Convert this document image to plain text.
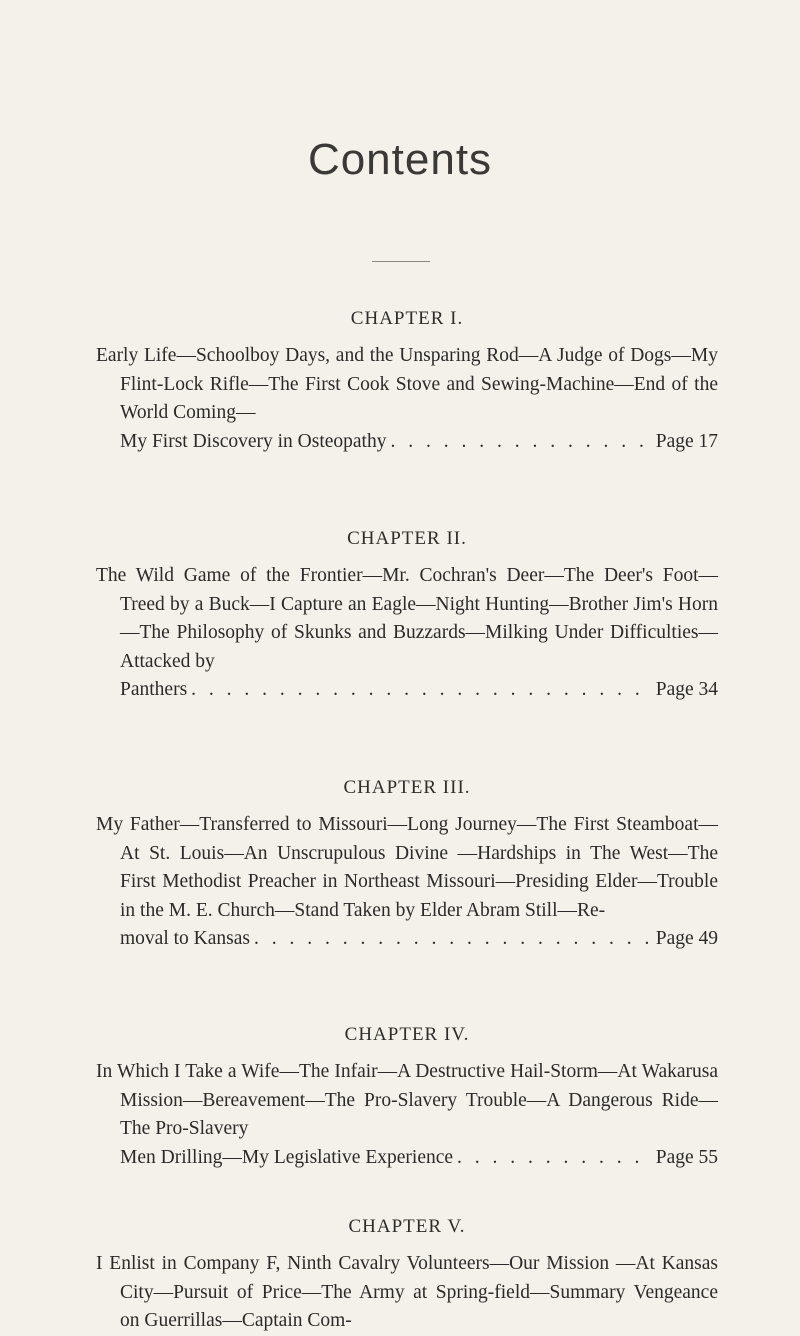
Contents

CHAPTER I.

Early Life—Schoolboy Days, and the Unsparing Rod—A Judge of Dogs—My Flint-Lock Rifle—The First Cook Stove and Sewing-Machine—End of the World Coming—
My First Discovery in Osteopathy . . .	Page 17

CHAPTER II.

The Wild Game of the Frontier—Mr. Cochran's Deer—The Deer's Foot—Treed by a Buck—I Capture an Eagle—Night Hunting—Brother Jim's Horn—The Philosophy of Skunks and Buzzards—Milking Under Difficulties—Attacked by
Panthers . . .	Page 34

CHAPTER III.

My Father—Transferred to Missouri—Long Journey—The First Steamboat—At St. Louis—An Unscrupulous Divine —Hardships in The West—The First Methodist Preacher in Northeast Missouri—Presiding Elder—Trouble in the M. E. Church—Stand Taken by Elder Abram Still—Re-
moval to Kansas . . .	Page 49

CHAPTER IV.

In Which I Take a Wife—The Infair—A Destructive Hail-Storm—At Wakarusa Mission—Bereavement—The Pro-Slavery Trouble—A Dangerous Ride—The Pro-Slavery
Men Drilling—My Legislative Experience . . .	Page 55

CHAPTER V.

I Enlist in Company F, Ninth Cavalry Volunteers—Our Mission —At Kansas City—Pursuit of Price—The Army at Spring-field—Summary Vengeance on Guerrillas—Captain Com-
